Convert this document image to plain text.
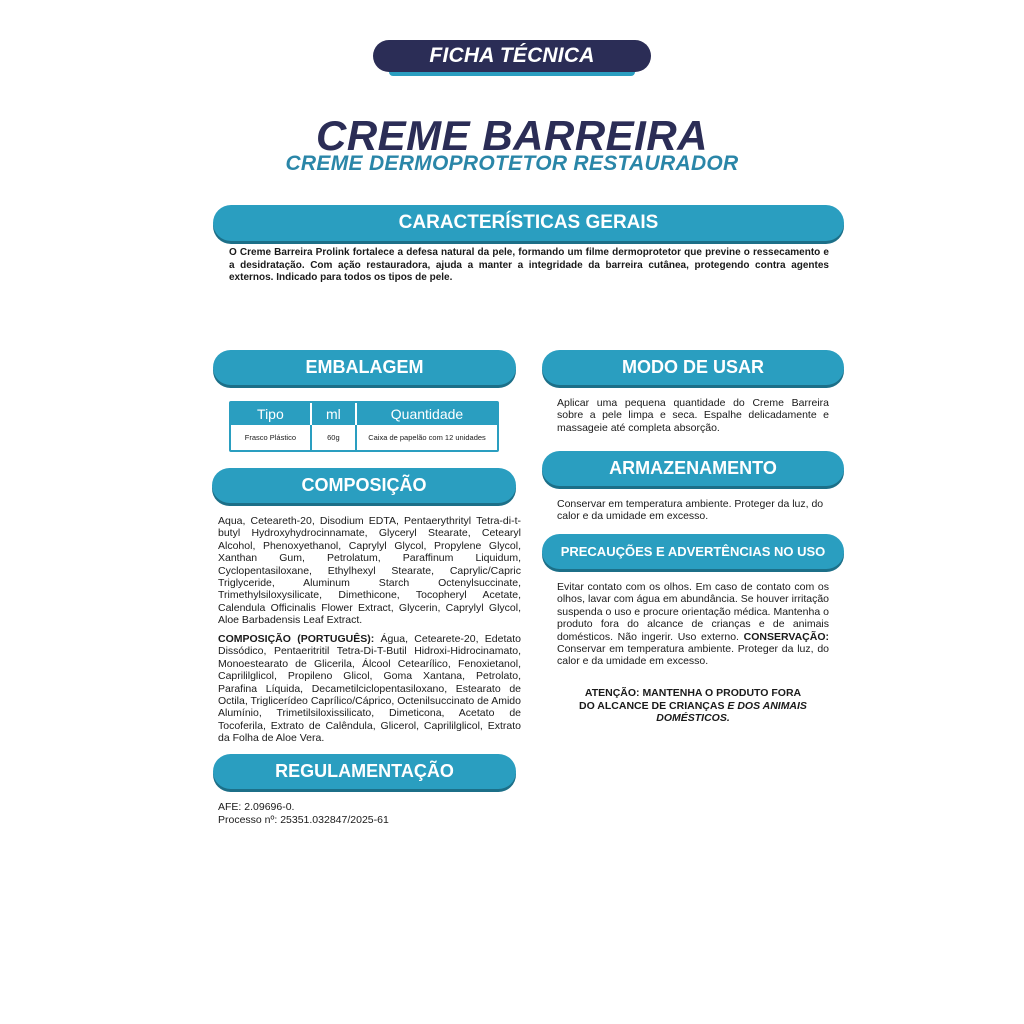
FICHA TÉCNICA
CREME BARREIRA
CREME DERMOPROTETOR RESTAURADOR
CARACTERÍSTICAS GERAIS
O Creme Barreira Prolink fortalece a defesa natural da pele, formando um filme dermoprotetor que previne o ressecamento e a desidratação. Com ação restauradora, ajuda a manter a integridade da barreira cutânea, protegendo contra agentes externos. Indicado para todos os tipos de pele.
EMBALAGEM
Tipo	ml	Quantidade
Frasco Plástico	60g	Caixa de papelão com 12 unidades
COMPOSIÇÃO
Aqua, Ceteareth-20, Disodium EDTA, Pentaerythrityl Tetra-di-t-butyl Hydroxyhydrocinnamate, Glyceryl Stearate, Cetearyl Alcohol, Phenoxyethanol, Caprylyl Glycol, Propylene Glycol, Xanthan Gum, Petrolatum, Paraffinum Liquidum, Cyclopentasiloxane, Ethylhexyl Stearate, Caprylic/Capric Triglyceride, Aluminum Starch Octenylsuccinate, Trimethylsiloxysilicate, Dimethicone, Tocopheryl Acetate, Calendula Officinalis Flower Extract, Glycerin, Caprylyl Glycol, Aloe Barbadensis Leaf Extract.
COMPOSIÇÃO (PORTUGUÊS): Água, Cetearete-20, Edetato Dissódico, Pentaeritritil Tetra-Di-T-Butil Hidroxi-Hidrocinamato, Monoestearato de Glicerila, Álcool Cetearílico, Fenoxietanol, Caprililglicol, Propileno Glicol, Goma Xantana, Petrolato, Parafina Líquida, Decametilciclopentasiloxano, Estearato de Octila, Triglicerídeo Caprílico/Cáprico, Octenilsuccinato de Amido Alumínio, Trimetilsiloxissilicato, Dimeticona, Acetato de Tocoferila, Extrato de Calêndula, Glicerol, Caprililglicol, Extrato da Folha de Aloe Vera.
REGULAMENTAÇÃO
AFE: 2.09696-0.
Processo nº: 25351.032847/2025-61
MODO DE USAR
Aplicar uma pequena quantidade do Creme Barreira sobre a pele limpa e seca. Espalhe delicadamente e massageie até completa absorção.
ARMAZENAMENTO
Conservar em temperatura ambiente. Proteger da luz, do calor e da umidade em excesso.
PRECAUÇÕES E ADVERTÊNCIAS NO USO
Evitar contato com os olhos. Em caso de contato com os olhos, lavar com água em abundância. Se houver irritação suspenda o uso e procure orientação médica. Mantenha o produto fora do alcance de crianças e de animais domésticos. Não ingerir. Uso externo. CONSERVAÇÃO: Conservar em temperatura ambiente. Proteger da luz, do calor e da umidade em excesso.
ATENÇÃO: MANTENHA O PRODUTO FORA
DO ALCANCE DE CRIANÇAS E DOS ANIMAIS
DOMÉSTICOS.
